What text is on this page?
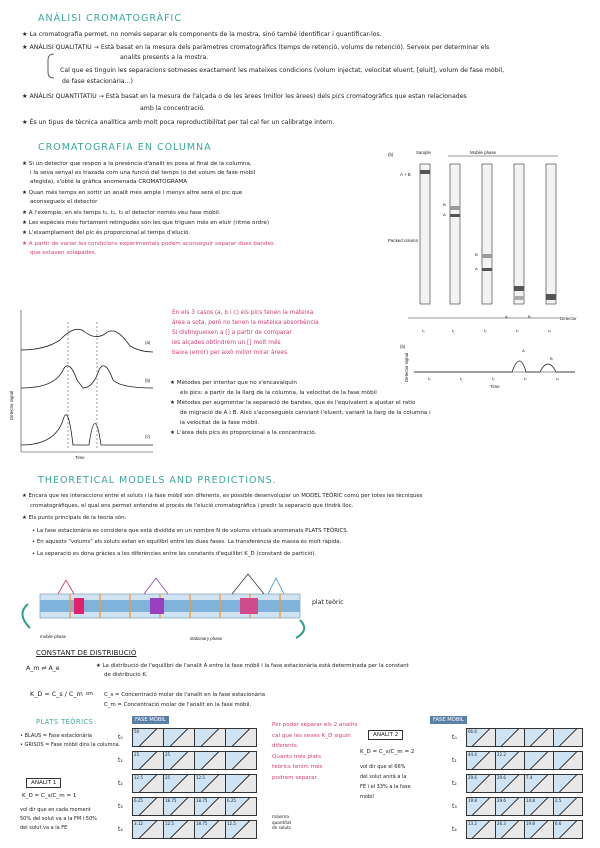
ANÀLISI CROMATOGRÀFIC
★ La cromatografia permet, no només separar els components de la mostra, sinó també identificar i quantificar-los.
★ ANÀLISI QUALITATIU → Està basat en la mesura dels paràmetres cromatogràfics (temps de retenció, volums de retenció). Serveix per determinar els
analits presents a la mostra.
Cal que es tinguin les separacions sotmeses exactament les mateixes condicions (volum injectat, velocitat eluent, [eluit], volum de fase mòbil,
de fase estacionària...)
★ ANÀLISI QUANTITATIU → Està basat en la mesura de l'alçada o de les àrees (millor les àrees) dels pics cromatogràfics que estan relacionades
amb la concentració.
★ És un tipus de tècnica analítica amb molt poca reproductibilitat per tal cal fer un calibratge intern.
CROMATOGRAFIA EN COLUMNA
★ Si un detector que respon a la presència d'analit es posa al final de la columna,
i la seva senyal es trazada com una funció del temps (o del volum de fase mòbil
afegida), s'obté la gràfica anomenada CROMATOGRAMA
★ Quan més temps en sortir un analit més ample i menys altre serà el pic que
aconsegueix el detector
★ A l'exemple, en els temps t₀, t₁, t₂ el detector només veu fase mòbil.
★ Les espècies més fortament retingudes són les que triguen més en eluir (ritme ordre)
★ L'eixamplament del pic és proporcional al temps d'elució.
★ A partir de variar les condicions experimentals podem aconseguir separar dues bandes
que estaven solapades.
(b)	Sample	Mobile phase
A + B
Packed column
B
A
B
A
A	B	Detector
t₀	t₁	t₂	t₃	t₄
Detector signal
Time
(a)
(b)
(c)
En els 3 casos (a, b i c) els pics tenen la mateixa
àrea a sota, però no tenen la mateixa absorbència
Si distingueixen a [] a partir de comparar
les alçades obtindrem un [] molt més
baixa (error) per això millor mirar àrees.
(b)
Detector signal
A
B
t₀	t₁	t₂	t₃	t₄
Time
★ Mètodes per intentar que no s'encavalquin
els pics: a partir de la llarg de la columna, la velocitat de la fase mòbil
★ Mètodes per augmentar la separació de bandes, que és l'equivalent a ajustar el ratio
de migració de A i B. Això s'aconsegueix canviant l'eluent, variant la llarg de la columna i
la velocitat de la fase mòbil.
★ L'àrea dels pics és proporcional a la concentració.
THEORETICAL MODELS AND PREDICTIONS.
★ Encara que les interaccions entre el soluts i la fase mòbil són diferents, es possible desenvolupar un MODEL TEÒRIC comú per totes les tècniques
cromatogràfiques, el qual ens permet entendre el procés de l'elució cromatogràfica i predir la separació que tindrà lloc.
★ Els punts principals de la teoria són:
• La fase estacionària es considera que està dividida en un nombre N de volums virtuals anomenats PLATS TEÒRICS.
• En aquests "volums" els soluts estan en equilibri entre les dues fases. La transferència de massa és molt ràpida.
• La separació es dona gràcies a les diferències entre les constants d'equilibri K_D (constant de partició).
mobile phase	stationary phase
plat teòric
CONSTANT DE DISTRIBUCIÓ
A_m ⇌ A_e	★ La distribució de l'equilibri de l'analit A entre la fase mòbil i la fase estacionària està determinada per la constant
de distribució K.
K_D = C_s / C_m on C_s = Concentració molar de l'analit en la fase estacionària
C_m = Concentració molar de l'analit en la fase mòbil.
PLATS TEÒRICS
• BLAUS = Fase estacionària
• GRISOS = Fase mòbil dins la columna.
ANALIT 1
K_D = C_s/C_m = 1
vol dir que en cada moment
50% del solut va a la FM i 50%
del solut va a la FE
FASE MÒBIL
t₀
50
t₁
25	25
t₂
12.5	25	12.5
t₃
6.25	18.75	18.75	6.25
t₄
3.12	12.5	18.75	12.5
Per poder separar els 2 analits
cal que les seves K_D siguin
diferents.
Quants més plats
teòrics tenim més
podrem separar.
màxima
quantitat
de soluts
ANALIT 2
K_D = C_s/C_m = 2
vol dir que el 66%
del solut anirà a la
FE i el 33% a la fase
mòbil
FASE MÒBIL
t₀
66.6
t₁
44.4	22.2
t₂
29.6	29.6	7.4
t₃
19.8	29.6	14.8	2.5
t₄
13.2	26.3	19.8	6.6
